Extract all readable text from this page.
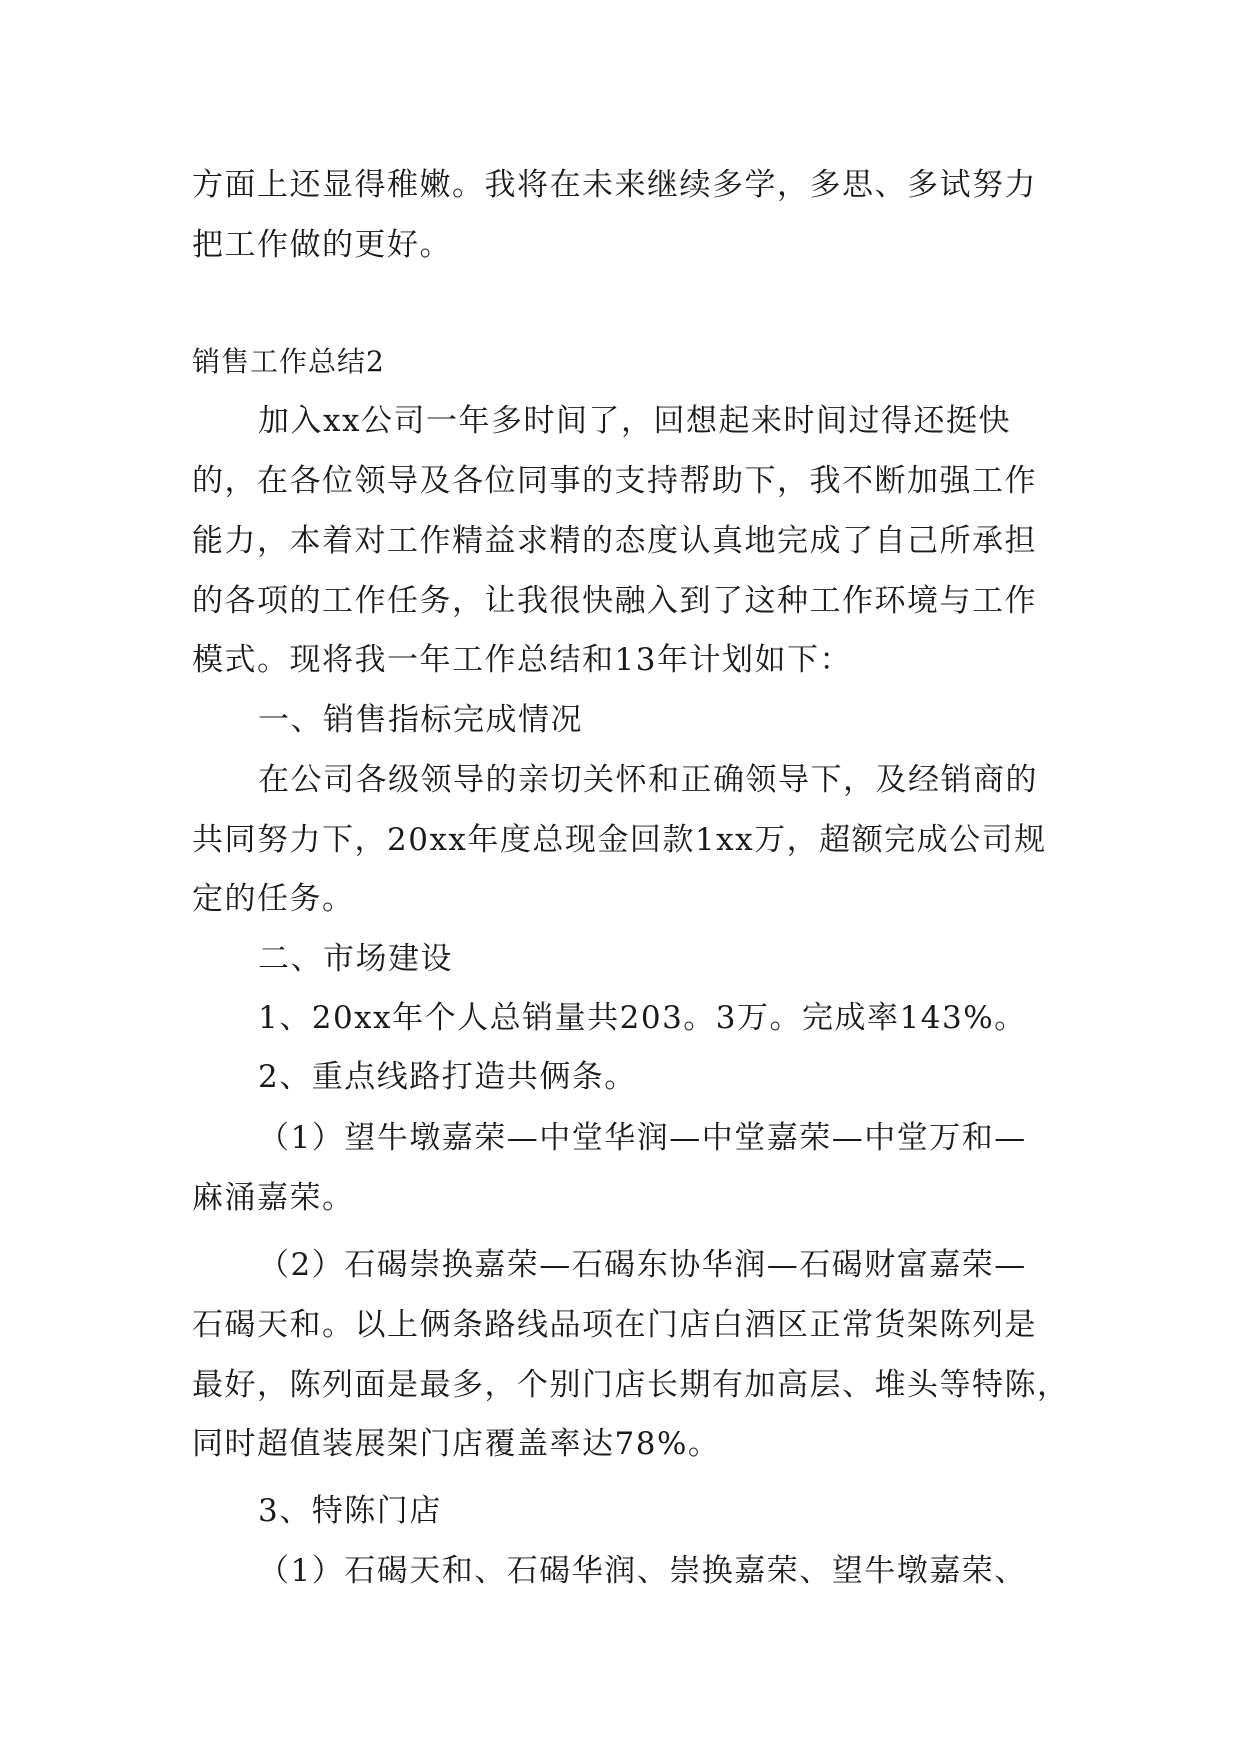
方面上还显得稚嫩。我将在未来继续多学，多思、多试努力
把工作做的更好。
销售工作总结2
加入xx公司一年多时间了，回想起来时间过得还挺快
的，在各位领导及各位同事的支持帮助下，我不断加强工作
能力，本着对工作精益求精的态度认真地完成了自己所承担
的各项的工作任务，让我很快融入到了这种工作环境与工作
模式。现将我一年工作总结和13年计划如下：
一、销售指标完成情况
在公司各级领导的亲切关怀和正确领导下，及经销商的
共同努力下，20xx年度总现金回款1xx万，超额完成公司规
定的任务。
二、市场建设
1、20xx年个人总销量共203。3万。完成率143%。
2、重点线路打造共俩条。
（1）望牛墩嘉荣—中堂华润—中堂嘉荣—中堂万和—
麻涌嘉荣。
（2）石碣崇换嘉荣—石碣东协华润—石碣财富嘉荣—
石碣天和。以上俩条路线品项在门店白酒区正常货架陈列是
最好，陈列面是最多，个别门店长期有加高层、堆头等特陈，
同时超值装展架门店覆盖率达78%。
3、特陈门店
（1）石碣天和、石碣华润、崇换嘉荣、望牛墩嘉荣、
